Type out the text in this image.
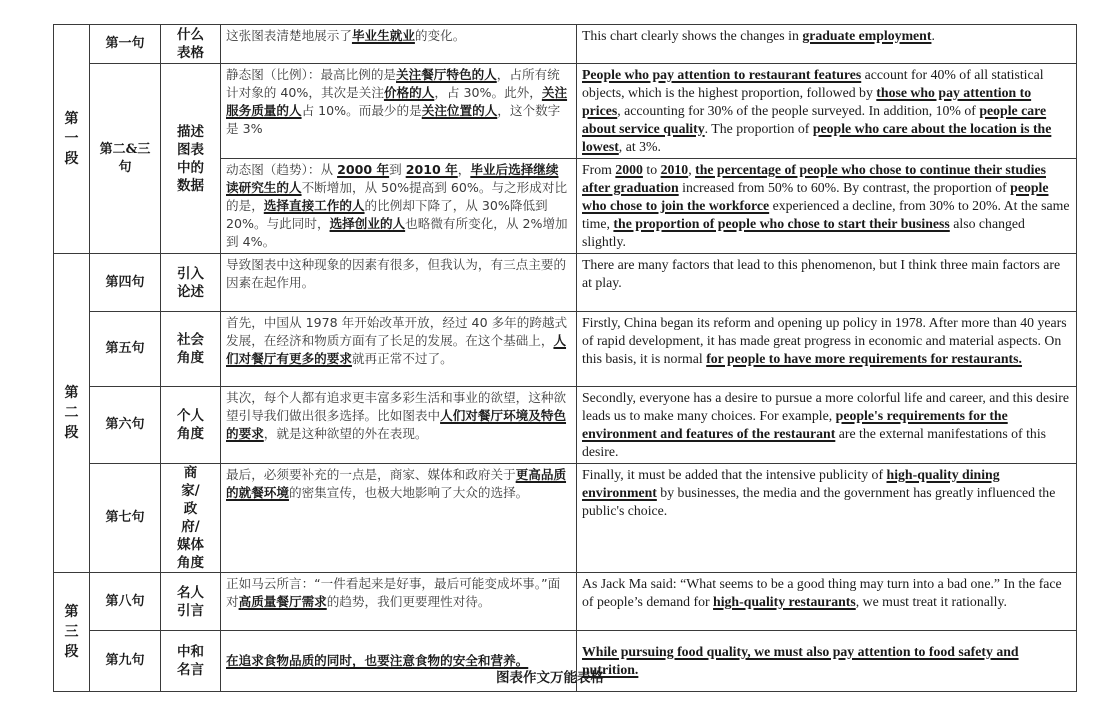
第一段	第一句	什么表格	这张图表清楚地展示了毕业生就业的变化。	This chart clearly shows the changes in graduate employment.
	第二&三句	描述图表中的数据	静态图（比例）：最高比例的是关注餐厅特色的人，占所有统计对象的 40%，其次是关注价格的人，占 30%。此外，关注服务质量的人占 10%。而最少的是关注位置的人，这个数字是 3%	People who pay attention to restaurant features account for 40% of all statistical objects, which is the highest proportion, followed by those who pay attention to prices, accounting for 30% of the people surveyed. In addition, 10% of people care about service quality. The proportion of people who care about the location is the lowest, at 3%.
			动态图（趋势）：从 2000 年到 2010 年，毕业后选择继续读研究生的人不断增加，从 50%提高到 60%。与之形成对比的是，选择直接工作的人的比例却下降了，从 30%降低到 20%。与此同时，选择创业的人也略微有所变化，从 2%增加到 4%。	From 2000 to 2010, the percentage of people who chose to continue their studies after graduation increased from 50% to 60%. By contrast, the proportion of people who chose to join the workforce experienced a decline, from 30% to 20%. At the same time, the proportion of people who chose to start their business also changed slightly.
第二段	第四句	引入论述	导致图表中这种现象的因素有很多，但我认为，有三点主要的因素在起作用。	There are many factors that lead to this phenomenon, but I think three main factors are at play.
	第五句	社会角度	首先，中国从 1978 年开始改革开放，经过 40 多年的跨越式发展，在经济和物质方面有了长足的发展。在这个基础上，人们对餐厅有更多的要求就再正常不过了。	Firstly, China began its reform and opening up policy in 1978. After more than 40 years of rapid development, it has made great progress in economic and material aspects. On this basis, it is normal for people to have more requirements for restaurants.
	第六句	个人角度	其次，每个人都有追求更丰富多彩生活和事业的欲望，这种欲望引导我们做出很多选择。比如图表中人们对餐厅环境及特色的要求，就是这种欲望的外在表现。	Secondly, everyone has a desire to pursue a more colorful life and career, and this desire leads us to make many choices. For example, people's requirements for the environment and features of the restaurant are the external manifestations of this desire.
	第七句	商家/政府/媒体角度	最后，必须要补充的一点是，商家、媒体和政府关于更高品质的就餐环境的密集宣传，也极大地影响了大众的选择。	Finally, it must be added that the intensive publicity of high-quality dining environment by businesses, the media and the government has greatly influenced the public's choice.
第三段	第八句	名人引言	正如马云所言：“一件看起来是好事，最后可能变成坏事。”面对高质量餐厅需求的趋势，我们更要理性对待。	As Jack Ma said: “What seems to be a good thing may turn into a bad one.” In the face of people’s demand for high-quality restaurants, we must treat it rationally.
	第九句	中和名言	在追求食物品质的同时，也要注意食物的安全和营养。	While pursuing food quality, we must also pay attention to food safety and nutrition.
图表作文万能表格
